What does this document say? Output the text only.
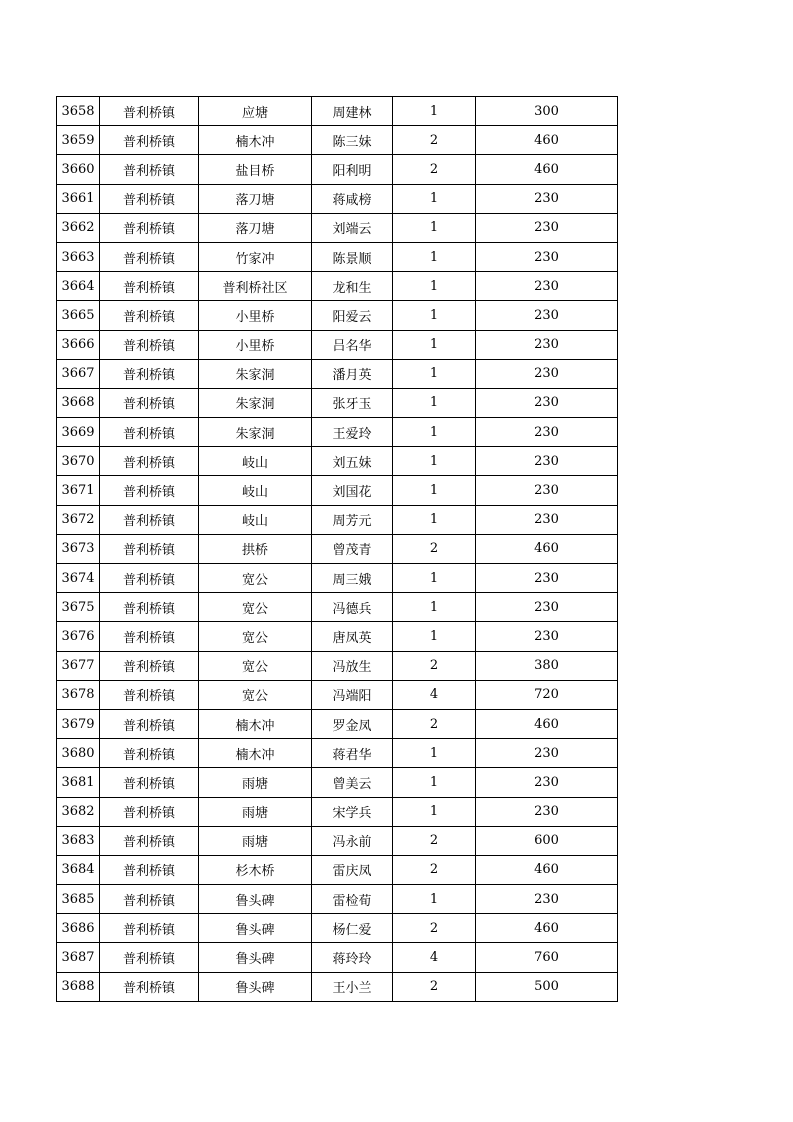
3658	普利桥镇	应塘	周建林	1	300
3659	普利桥镇	楠木冲	陈三妹	2	460
3660	普利桥镇	盐目桥	阳利明	2	460
3661	普利桥镇	落刀塘	蒋咸榜	1	230
3662	普利桥镇	落刀塘	刘端云	1	230
3663	普利桥镇	竹家冲	陈景顺	1	230
3664	普利桥镇	普利桥社区	龙和生	1	230
3665	普利桥镇	小里桥	阳爱云	1	230
3666	普利桥镇	小里桥	吕名华	1	230
3667	普利桥镇	朱家洞	潘月英	1	230
3668	普利桥镇	朱家洞	张牙玉	1	230
3669	普利桥镇	朱家洞	王爱玲	1	230
3670	普利桥镇	岐山	刘五妹	1	230
3671	普利桥镇	岐山	刘国花	1	230
3672	普利桥镇	岐山	周芳元	1	230
3673	普利桥镇	拱桥	曾茂青	2	460
3674	普利桥镇	宽公	周三娥	1	230
3675	普利桥镇	宽公	冯德兵	1	230
3676	普利桥镇	宽公	唐凤英	1	230
3677	普利桥镇	宽公	冯放生	2	380
3678	普利桥镇	宽公	冯端阳	4	720
3679	普利桥镇	楠木冲	罗金凤	2	460
3680	普利桥镇	楠木冲	蒋君华	1	230
3681	普利桥镇	雨塘	曾美云	1	230
3682	普利桥镇	雨塘	宋学兵	1	230
3683	普利桥镇	雨塘	冯永前	2	600
3684	普利桥镇	杉木桥	雷庆凤	2	460
3685	普利桥镇	鲁头碑	雷检荀	1	230
3686	普利桥镇	鲁头碑	杨仁爱	2	460
3687	普利桥镇	鲁头碑	蒋玲玲	4	760
3688	普利桥镇	鲁头碑	王小兰	2	500
